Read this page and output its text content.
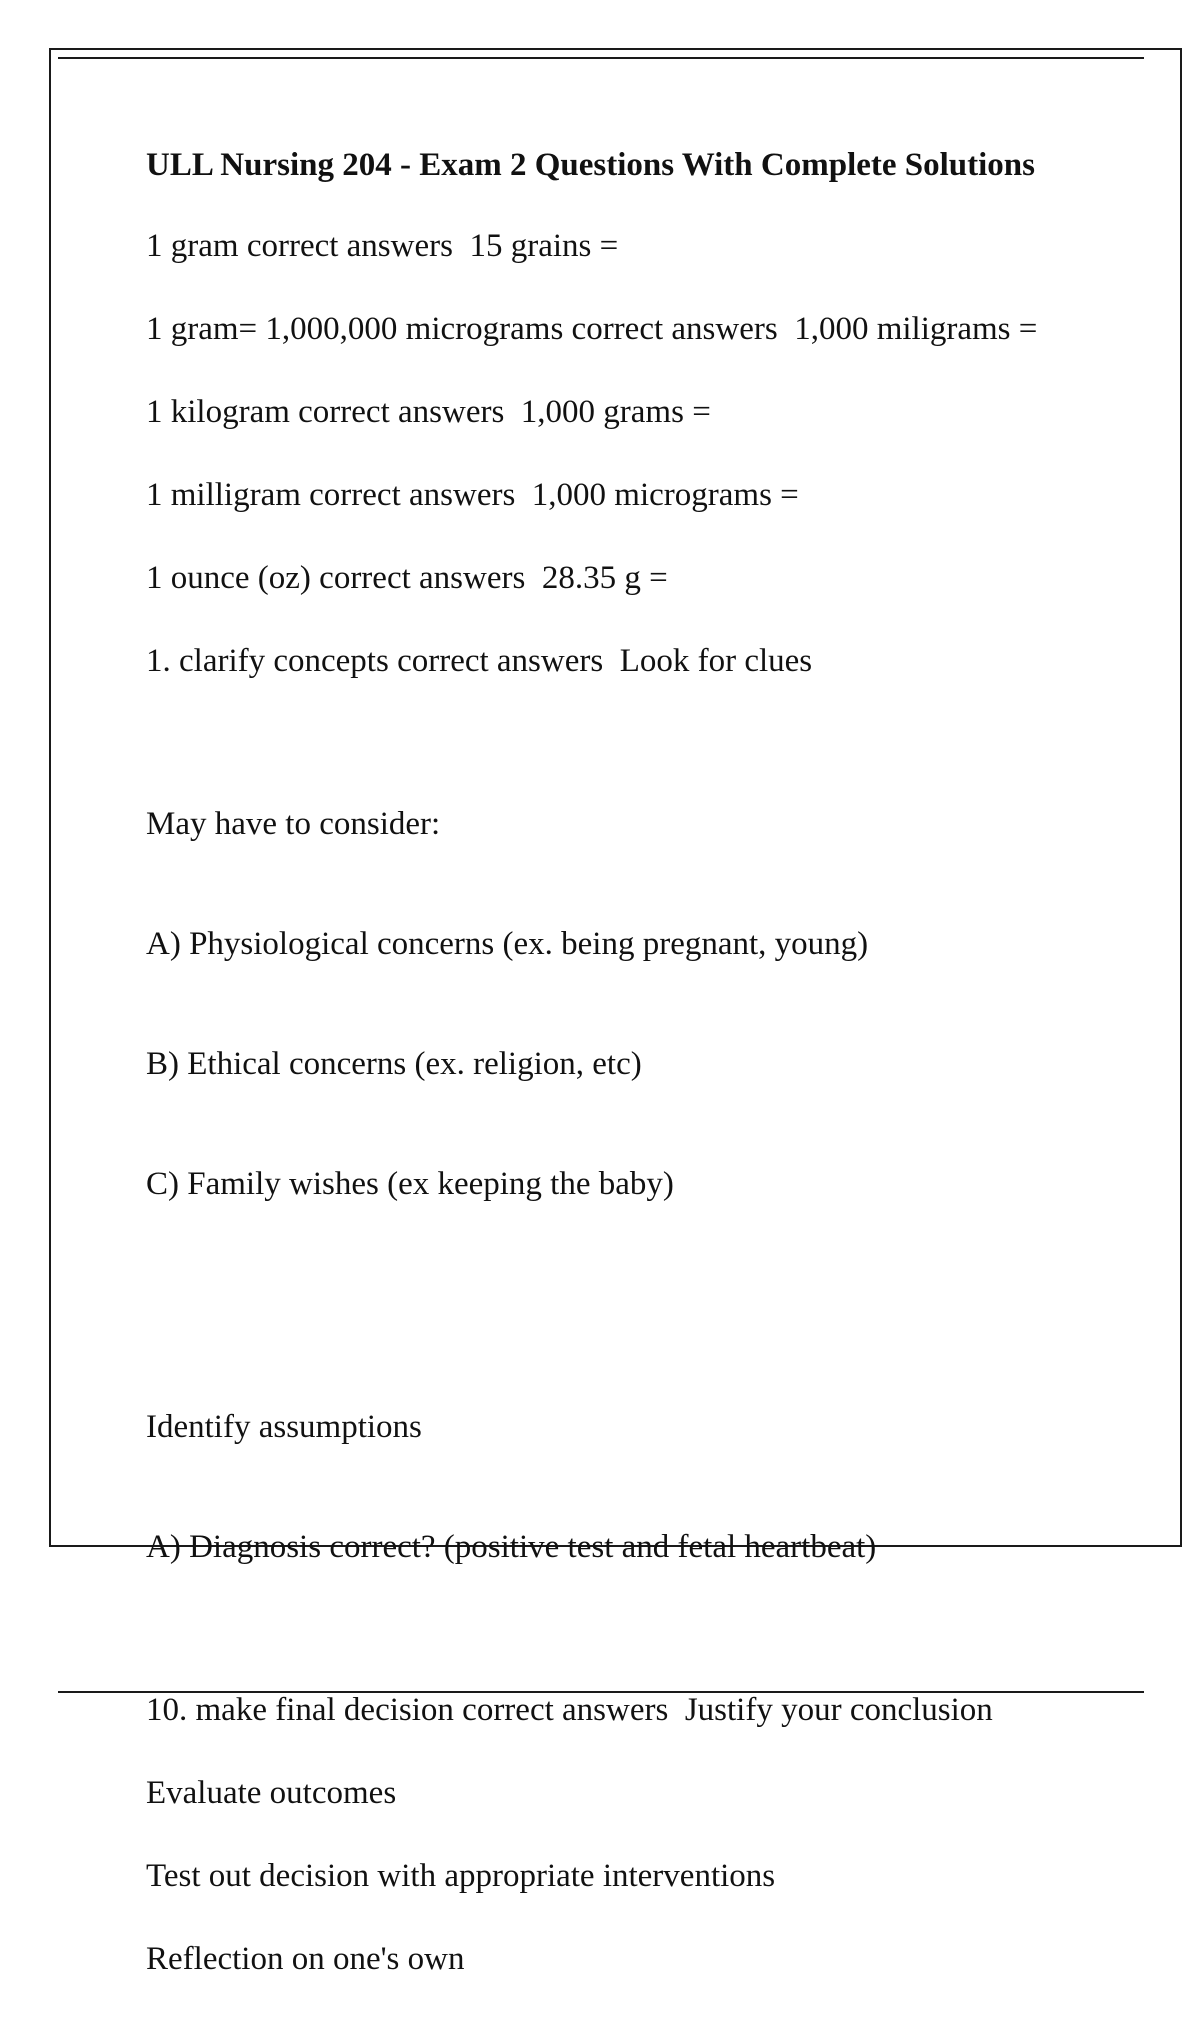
ULL Nursing 204 - Exam 2 Questions With Complete Solutions
1 gram correct answers 15 grains =
1 gram= 1,000,000 micrograms correct answers 1,000 miligrams =
1 kilogram correct answers 1,000 grams =
1 milligram correct answers 1,000 micrograms =
1 ounce (oz) correct answers 28.35 g =
1. clarify concepts correct answers Look for clues

May have to consider:

A) Physiological concerns (ex. being pregnant, young)

B) Ethical concerns (ex. religion, etc)

C) Family wishes (ex keeping the baby)

Identify assumptions

A) Diagnosis correct? (positive test and fetal heartbeat)

10. make final decision correct answers Justify your conclusion
Evaluate outcomes
Test out decision with appropriate interventions
Reflection on one's own
